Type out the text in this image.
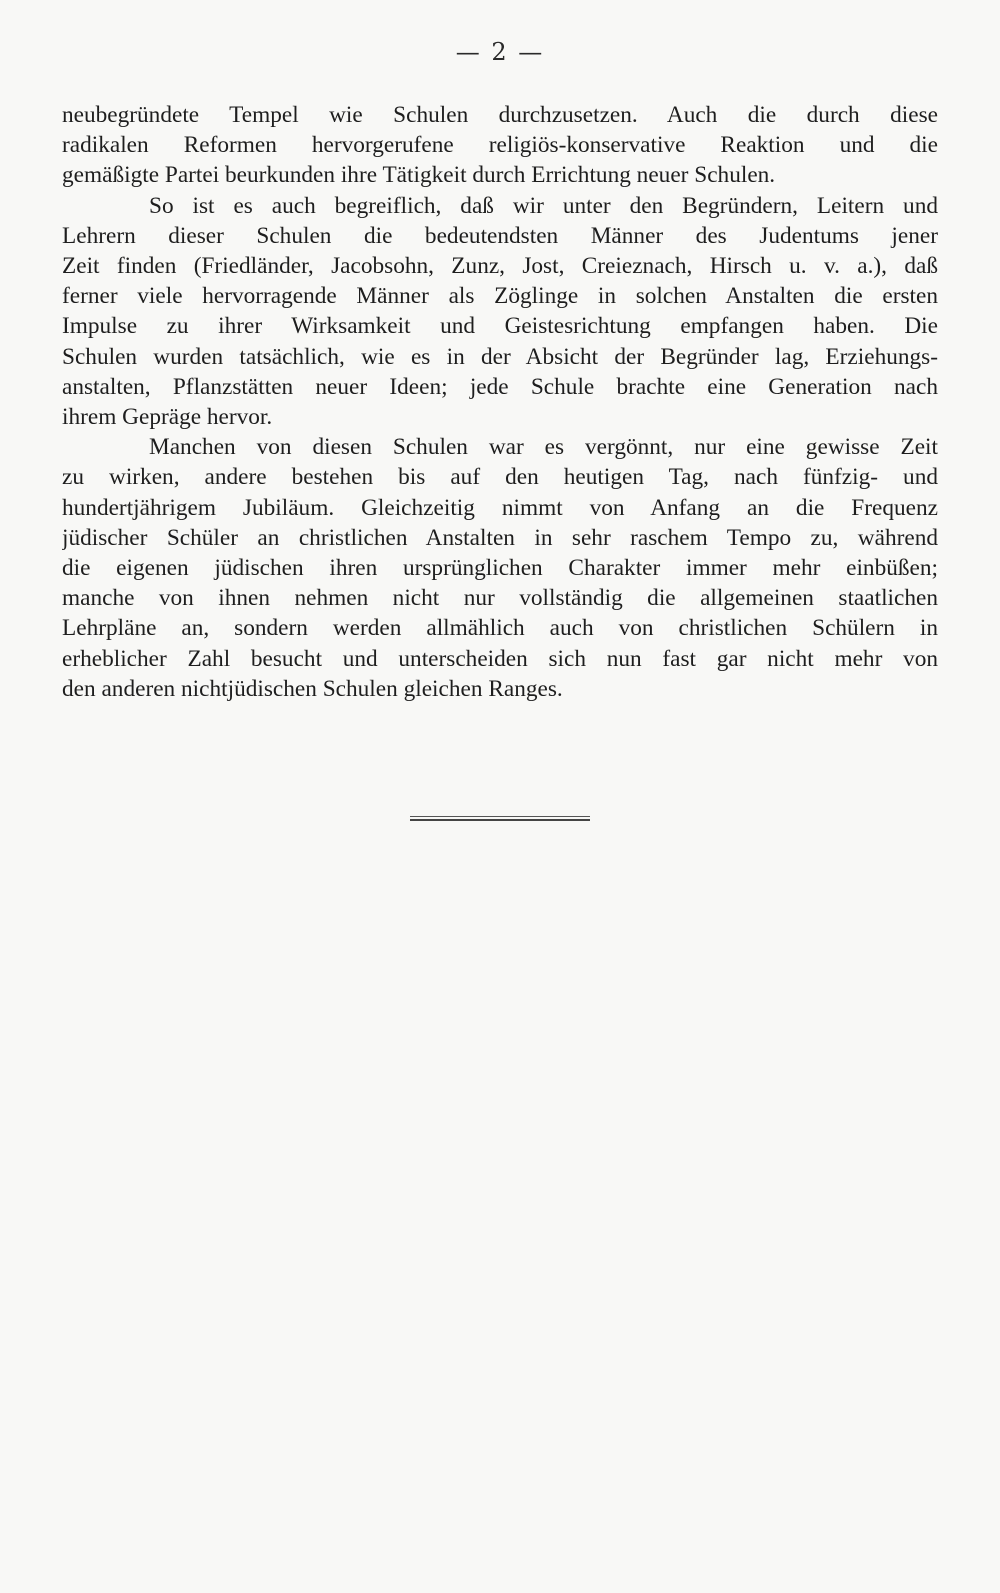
— 2 —

neubegründete Tempel wie Schulen durchzusetzen. Auch die durch diese
radikalen Reformen hervorgerufene religiös-konservative Reaktion und die
gemäßigte Partei beurkunden ihre Tätigkeit durch Errichtung neuer Schulen.

So ist es auch begreiflich, daß wir unter den Begründern, Leitern und
Lehrern dieser Schulen die bedeutendsten Männer des Judentums jener
Zeit finden (Friedländer, Jacobsohn, Zunz, Jost, Creieznach, Hirsch u. v. a.), daß
ferner viele hervorragende Männer als Zöglinge in solchen Anstalten die ersten
Impulse zu ihrer Wirksamkeit und Geistesrichtung empfangen haben. Die
Schulen wurden tatsächlich, wie es in der Absicht der Begründer lag, Erziehungs-
anstalten, Pflanzstätten neuer Ideen; jede Schule brachte eine Generation nach
ihrem Gepräge hervor.

Manchen von diesen Schulen war es vergönnt, nur eine gewisse Zeit
zu wirken, andere bestehen bis auf den heutigen Tag, nach fünfzig- und
hundertjährigem Jubiläum. Gleichzeitig nimmt von Anfang an die Frequenz
jüdischer Schüler an christlichen Anstalten in sehr raschem Tempo zu, während
die eigenen jüdischen ihren ursprünglichen Charakter immer mehr einbüßen;
manche von ihnen nehmen nicht nur vollständig die allgemeinen staatlichen
Lehrpläne an, sondern werden allmählich auch von christlichen Schülern in
erheblicher Zahl besucht und unterscheiden sich nun fast gar nicht mehr von
den anderen nichtjüdischen Schulen gleichen Ranges.
